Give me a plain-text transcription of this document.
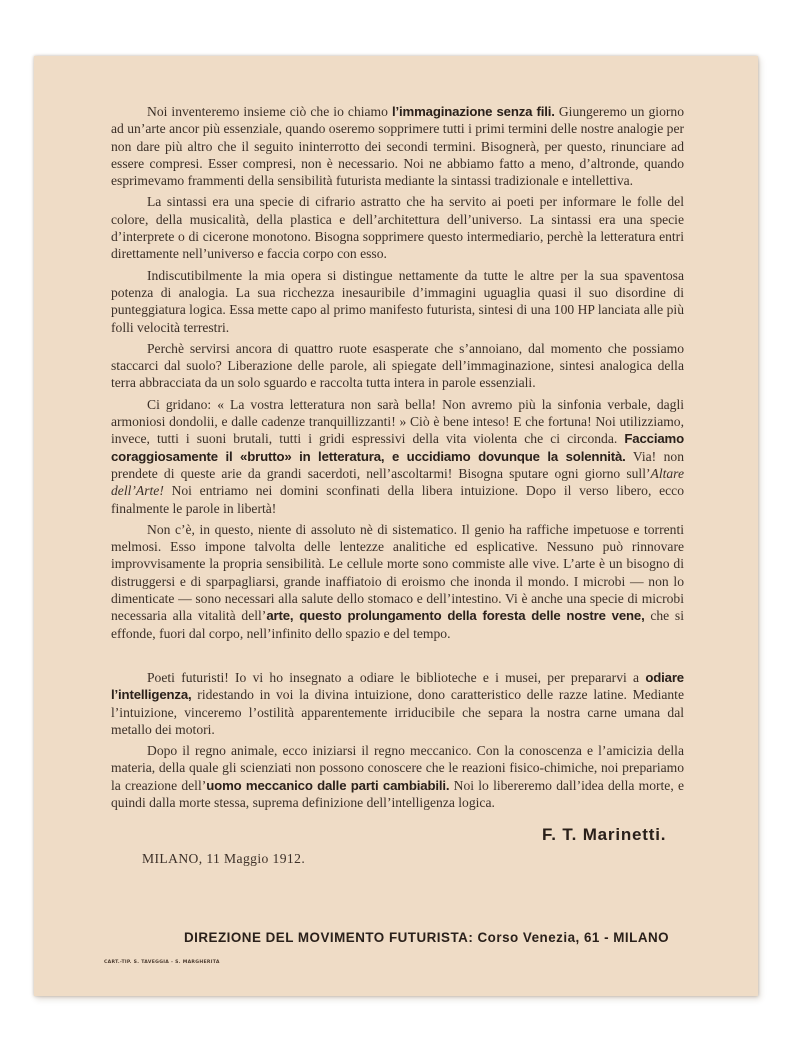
Noi inventeremo insieme ciò che io chiamo l’immaginazione senza fili. Giungeremo un giorno ad un’arte ancor più essenziale, quando oseremo sopprimere tutti i primi termini delle nostre analogie per non dare più altro che il seguito ininterrotto dei secondi termini. Bisognerà, per questo, rinunciare ad essere compresi. Esser compresi, non è necessario. Noi ne abbiamo fatto a meno, d’altronde, quando esprimevamo frammenti della sensibilità futurista mediante la sintassi tradizionale e intellettiva.

La sintassi era una specie di cifrario astratto che ha servito ai poeti per informare le folle del colore, della musicalità, della plastica e dell’architettura dell’universo. La sintassi era una specie d’interprete o di cicerone monotono. Bisogna sopprimere questo intermediario, perchè la letteratura entri direttamente nell’universo e faccia corpo con esso.

Indiscutibilmente la mia opera si distingue nettamente da tutte le altre per la sua spaventosa potenza di analogia. La sua ricchezza inesauribile d’immagini uguaglia quasi il suo disordine di punteggiatura logica. Essa mette capo al primo manifesto futurista, sintesi di una 100 HP lanciata alle più folli velocità terrestri.

Perchè servirsi ancora di quattro ruote esasperate che s’annoiano, dal momento che possiamo staccarci dal suolo? Liberazione delle parole, ali spiegate dell’immaginazione, sintesi analogica della terra abbracciata da un solo sguardo e raccolta tutta intera in parole essenziali.

Ci gridano: « La vostra letteratura non sarà bella! Non avremo più la sinfonia verbale, dagli armoniosi dondolii, e dalle cadenze tranquillizzanti! » Ciò è bene inteso! E che fortuna! Noi utilizziamo, invece, tutti i suoni brutali, tutti i gridi espressivi della vita violenta che ci circonda. Facciamo coraggiosamente il «brutto» in letteratura, e uccidiamo dovunque la solennità. Via! non prendete di queste arie da grandi sacerdoti, nell’ascoltarmi! Bisogna sputare ogni giorno sull’Altare dell’Arte! Noi entriamo nei domini sconfinati della libera intuizione. Dopo il verso libero, ecco finalmente le parole in libertà!

Non c’è, in questo, niente di assoluto nè di sistematico. Il genio ha raffiche impetuose e torrenti melmosi. Esso impone talvolta delle lentezze analitiche ed esplicative. Nessuno può rinnovare improvvisamente la propria sensibilità. Le cellule morte sono commiste alle vive. L’arte è un bisogno di distruggersi e di sparpagliarsi, grande inaffiatoio di eroismo che inonda il mondo. I microbi — non lo dimenticate — sono necessari alla salute dello stomaco e dell’intestino. Vi è anche una specie di microbi necessaria alla vitalità dell’arte, questo prolungamento della foresta delle nostre vene, che si effonde, fuori dal corpo, nell’infinito dello spazio e del tempo.

Poeti futuristi! Io vi ho insegnato a odiare le biblioteche e i musei, per prepararvi a odiare l’intelligenza, ridestando in voi la divina intuizione, dono caratteristico delle razze latine. Mediante l’intuizione, vinceremo l’ostilità apparentemente irriducibile che separa la nostra carne umana dal metallo dei motori.

Dopo il regno animale, ecco iniziarsi il regno meccanico. Con la conoscenza e l’amicizia della materia, della quale gli scienziati non possono conoscere che le reazioni fisico-chimiche, noi prepariamo la creazione dell’uomo meccanico dalle parti cambiabili. Noi lo libereremo dall’idea della morte, e quindi dalla morte stessa, suprema definizione dell’intelligenza logica.

F. T. Marinetti.
MILANO, 11 Maggio 1912.
DIREZIONE DEL MOVIMENTO FUTURISTA: Corso Venezia, 61 - MILANO
CART.-TIP. S. TAVEGGIA - S. MARGHERITA
